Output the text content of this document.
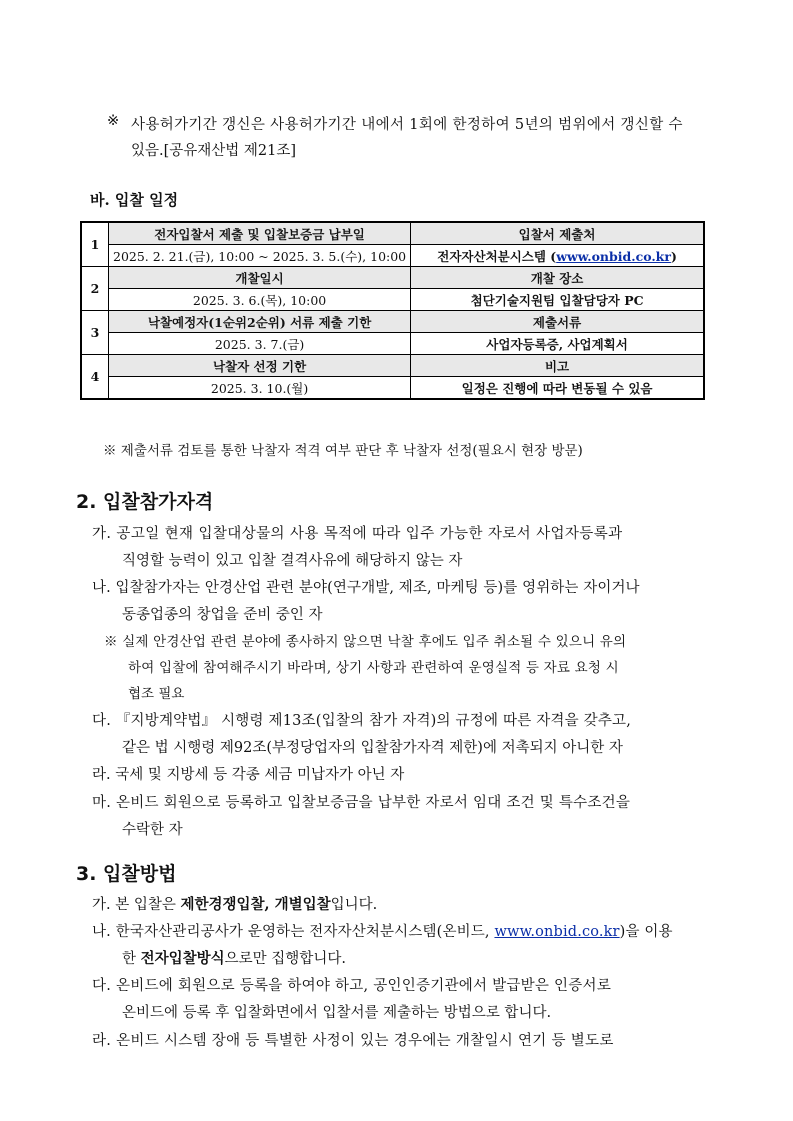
※ 사용허가기간 갱신은 사용허가기간 내에서 1회에 한정하여 5년의 범위에서 갱신할 수
있음.[공유재산법 제21조]
바. 입찰 일정
1	전자입찰서 제출 및 입찰보증금 납부일	입찰서 제출처
	2025. 2. 21.(금), 10:00 ~ 2025. 3. 5.(수), 10:00	전자자산처분시스템 (www.onbid.co.kr)
2	개찰일시	개찰 장소
	2025. 3. 6.(목), 10:00	첨단기술지원팀 입찰담당자 PC
3	낙찰예정자(1순위2순위) 서류 제출 기한	제출서류
	2025. 3. 7.(금)	사업자등록증, 사업계획서
4	낙찰자 선정 기한	비고
	2025. 3. 10.(월)	일정은 진행에 따라 변동될 수 있음
※ 제출서류 검토를 통한 낙찰자 적격 여부 판단 후 낙찰자 선정(필요시 현장 방문)
2. 입찰참가자격
가. 공고일 현재 입찰대상물의 사용 목적에 따라 입주 가능한 자로서 사업자등록과
직영할 능력이 있고 입찰 결격사유에 해당하지 않는 자
나. 입찰참가자는 안경산업 관련 분야(연구개발, 제조, 마케팅 등)를 영위하는 자이거나
동종업종의 창업을 준비 중인 자
※ 실제 안경산업 관련 분야에 종사하지 않으면 낙찰 후에도 입주 취소될 수 있으니 유의
하여 입찰에 참여해주시기 바라며, 상기 사항과 관련하여 운영실적 등 자료 요청 시
협조 필요
다. 『지방계약법』 시행령 제13조(입찰의 참가 자격)의 규정에 따른 자격을 갖추고,
같은 법 시행령 제92조(부정당업자의 입찰참가자격 제한)에 저촉되지 아니한 자
라. 국세 및 지방세 등 각종 세금 미납자가 아닌 자
마. 온비드 회원으로 등록하고 입찰보증금을 납부한 자로서 임대 조건 및 특수조건을
수락한 자
3. 입찰방법
가. 본 입찰은 제한경쟁입찰, 개별입찰입니다.
나. 한국자산관리공사가 운영하는 전자자산처분시스템(온비드, www.onbid.co.kr)을 이용
한 전자입찰방식으로만 집행합니다.
다. 온비드에 회원으로 등록을 하여야 하고, 공인인증기관에서 발급받은 인증서로
온비드에 등록 후 입찰화면에서 입찰서를 제출하는 방법으로 합니다.
라. 온비드 시스템 장애 등 특별한 사정이 있는 경우에는 개찰일시 연기 등 별도로
